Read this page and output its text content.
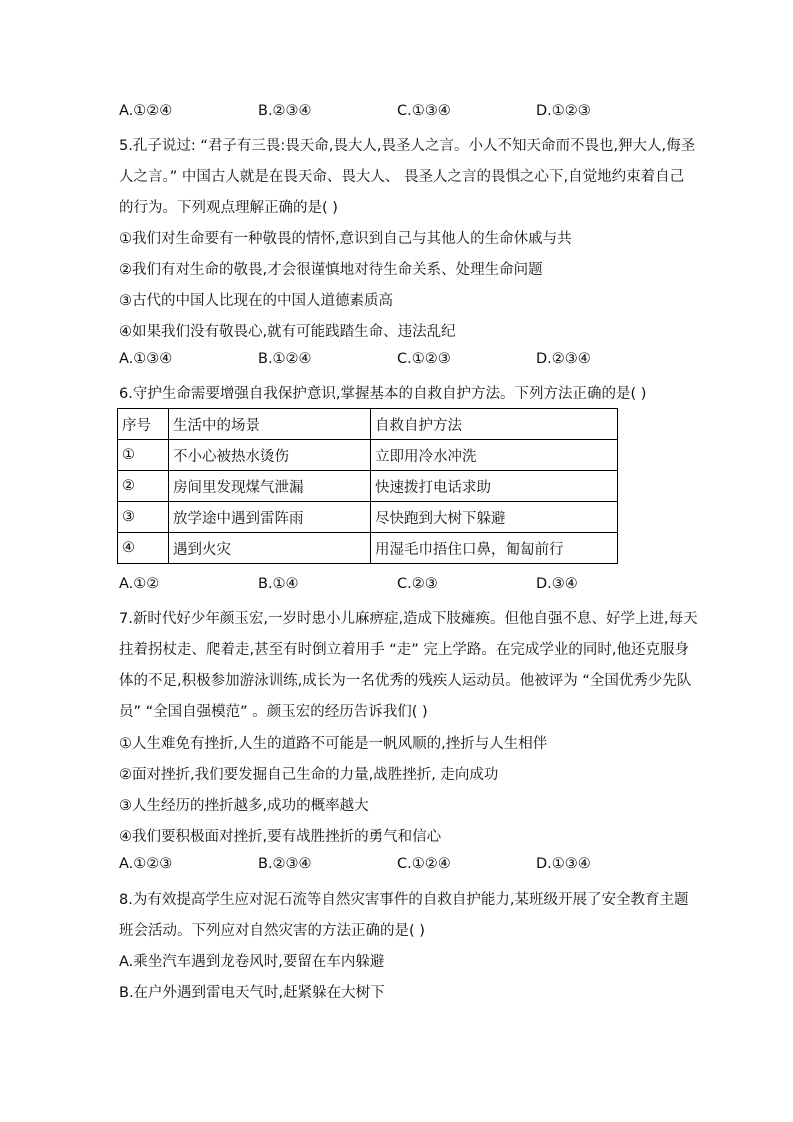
A.①②④	B.②③④	C.①③④	D.①②③
5.孔子说过: “君子有三畏:畏天命,畏大人,畏圣人之言。小人不知天命而不畏也,狎大人,侮圣
人之言。” 中国古人就是在畏天命、畏大人、 畏圣人之言的畏惧之心下,自觉地约束着自己
的行为。下列观点理解正确的是( )
①我们对生命要有一种敬畏的情怀,意识到自己与其他人的生命休戚与共
②我们有对生命的敬畏,才会很谨慎地对待生命关系、处理生命问题
③古代的中国人比现在的中国人道德素质高
④如果我们没有敬畏心,就有可能践踏生命、违法乱纪
A.①③④	B.①②④	C.①②③	D.②③④
6.守护生命需要增强自我保护意识,掌握基本的自救自护方法。下列方法正确的是( )
序号	生活中的场景	自救自护方法
①	不小心被热水烫伤	立即用冷水冲洗
②	房间里发现煤气泄漏	快速拨打电话求助
③	放学途中遇到雷阵雨	尽快跑到大树下躲避
④	遇到火灾	用湿毛巾捂住口鼻，匍匐前行
A.①②	B.①④	C.②③	D.③④
7.新时代好少年颜玉宏,一岁时患小儿麻痹症,造成下肢瘫痪。但他自强不息、好学上进,每天
拄着拐杖走、爬着走,甚至有时倒立着用手 “走” 完上学路。在完成学业的同时,他还克服身
体的不足,积极参加游泳训练,成长为一名优秀的残疾人运动员。他被评为 “全国优秀少先队
员” “全国自强模范” 。颜玉宏的经历告诉我们( )
①人生难免有挫折,人生的道路不可能是一帆风顺的,挫折与人生相伴
②面对挫折,我们要发掘自己生命的力量,战胜挫折, 走向成功
③人生经历的挫折越多,成功的概率越大
④我们要积极面对挫折,要有战胜挫折的勇气和信心
A.①②③	B.②③④	C.①②④	D.①③④
8.为有效提高学生应对泥石流等自然灾害事件的自救自护能力,某班级开展了安全教育主题
班会活动。下列应对自然灾害的方法正确的是( )
A.乘坐汽车遇到龙卷风时,要留在车内躲避
B.在户外遇到雷电天气时,赶紧躲在大树下
